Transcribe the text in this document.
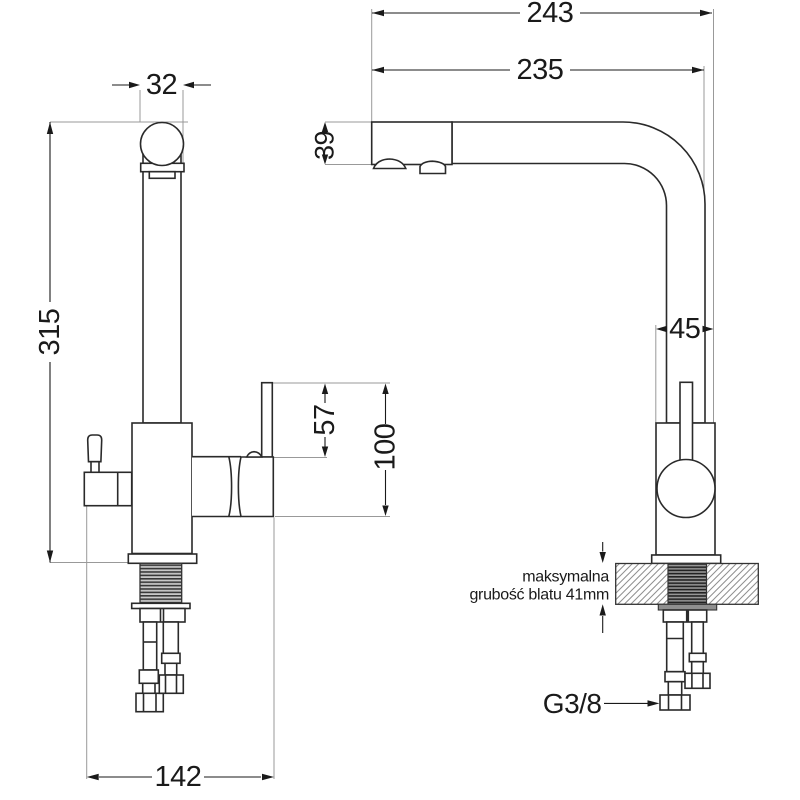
32
315
243
235
39
45
57
100
142
maksymalna
grubość blatu 41mm
G3/8
